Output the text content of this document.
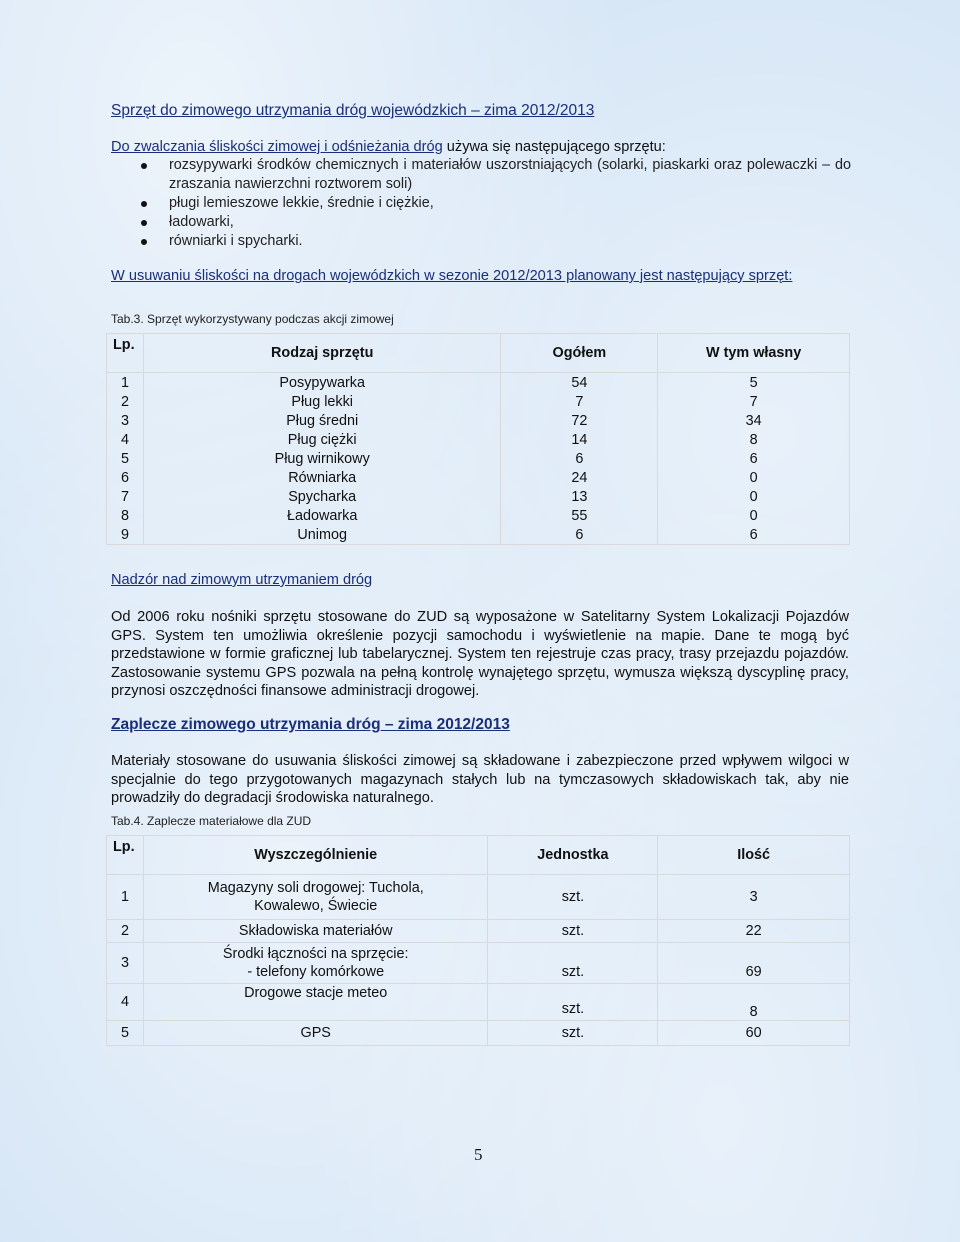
Sprzęt do zimowego utrzymania dróg wojewódzkich – zima 2012/2013
Do zwalczania śliskości zimowej i odśnieżania dróg używa się następującego sprzętu:
rozsypywarki środków chemicznych i materiałów uszorstniających (solarki, piaskarki oraz polewaczki – do zraszania nawierzchni roztworem soli)
pługi lemieszowe lekkie, średnie i ciężkie,
ładowarki,
równiarki i spycharki.
W usuwaniu śliskości na drogach wojewódzkich w sezonie 2012/2013 planowany jest następujący sprzęt:
Tab.3. Sprzęt wykorzystywany podczas akcji zimowej
Lp.	Rodzaj sprzętu	Ogółem	W tym własny
1	Posypywarka	54	5
2	Pług lekki	7	7
3	Pług średni	72	34
4	Pług ciężki	14	8
5	Pług wirnikowy	6	6
6	Równiarka	24	0
7	Spycharka	13	0
8	Ładowarka	55	0
9	Unimog	6	6
Nadzór nad zimowym utrzymaniem dróg
Od 2006 roku nośniki sprzętu stosowane do ZUD są wyposażone w Satelitarny System Lokalizacji Pojazdów GPS. System ten umożliwia określenie pozycji samochodu i wyświetlenie na mapie. Dane te mogą być przedstawione w formie graficznej lub tabelarycznej. System ten rejestruje czas pracy, trasy przejazdu pojazdów. Zastosowanie systemu GPS pozwala na pełną kontrolę wynajętego sprzętu, wymusza większą dyscyplinę pracy, przynosi oszczędności finansowe administracji drogowej.
Zaplecze zimowego utrzymania dróg – zima 2012/2013
Materiały stosowane do usuwania śliskości zimowej są składowane i zabezpieczone przed wpływem wilgoci w specjalnie do tego przygotowanych magazynach stałych lub na tymczasowych składowiskach tak, aby nie prowadziły do degradacji środowiska naturalnego.
Tab.4. Zaplecze materiałowe dla ZUD
Lp.	Wyszczególnienie	Jednostka	Ilość
1	Magazyny soli drogowej: Tuchola,
Kowalewo, Świecie	szt.	3
2	Składowiska materiałów	szt.	22
3	Środki łączności na sprzęcie:
- telefony komórkowe	szt.	69
4	Drogowe stacje meteo	szt.	8
5	GPS	szt.	60
5
